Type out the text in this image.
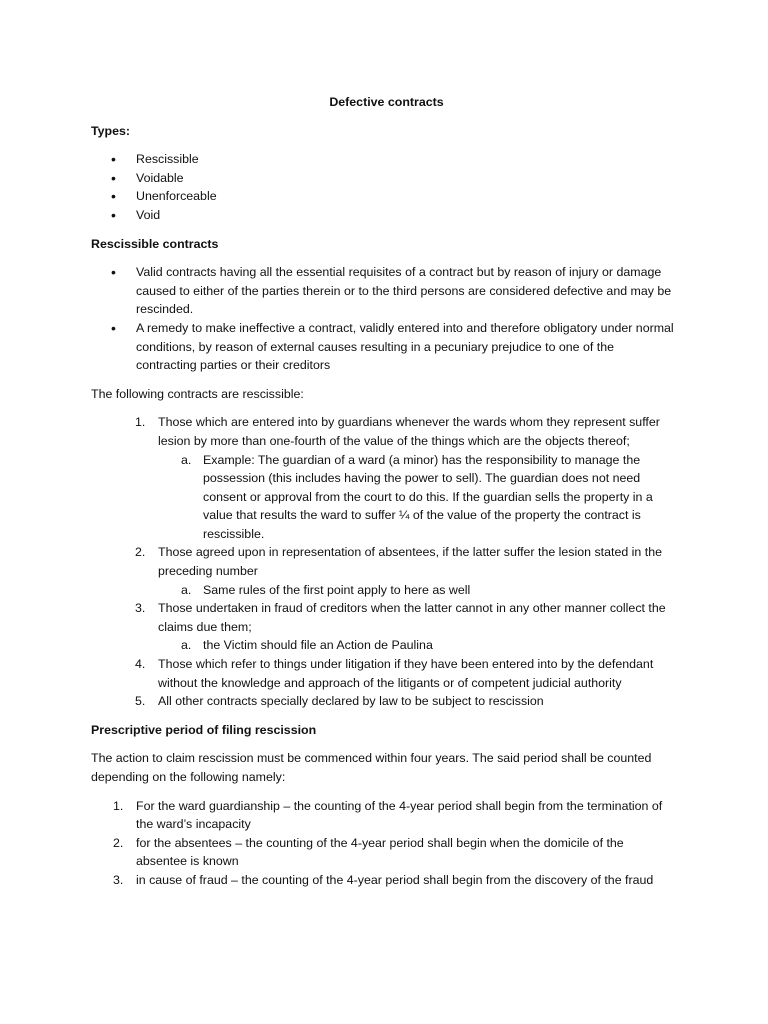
Defective contracts
Types:
• Rescissible
• Voidable
• Unenforceable
• Void
Rescissible contracts
• Valid contracts having all the essential requisites of a contract but by reason of injury or damage caused to either of the parties therein or to the third persons are considered defective and may be rescinded.
• A remedy to make ineffective a contract, validly entered into and therefore obligatory under normal conditions, by reason of external causes resulting in a pecuniary prejudice to one of the contracting parties or their creditors

The following contracts are rescissible:

1. Those which are entered into by guardians whenever the wards whom they represent suffer lesion by more than one-fourth of the value of the things which are the objects thereof;
a. Example: The guardian of a ward (a minor) has the responsibility to manage the possession (this includes having the power to sell). The guardian does not need consent or approval from the court to do this. If the guardian sells the property in a value that results the ward to suffer ¼ of the value of the property the contract is rescissible.
2. Those agreed upon in representation of absentees, if the latter suffer the lesion stated in the preceding number
a. Same rules of the first point apply to here as well
3. Those undertaken in fraud of creditors when the latter cannot in any other manner collect the claims due them;
a. the Victim should file an Action de Paulina
4. Those which refer to things under litigation if they have been entered into by the defendant without the knowledge and approach of the litigants or of competent judicial authority
5. All other contracts specially declared by law to be subject to rescission
Prescriptive period of filing rescission

The action to claim rescission must be commenced within four years. The said period shall be counted depending on the following namely:

1. For the ward guardianship – the counting of the 4-year period shall begin from the termination of the ward’s incapacity
2. for the absentees – the counting of the 4-year period shall begin when the domicile of the absentee is known
3. in cause of fraud – the counting of the 4-year period shall begin from the discovery of the fraud
